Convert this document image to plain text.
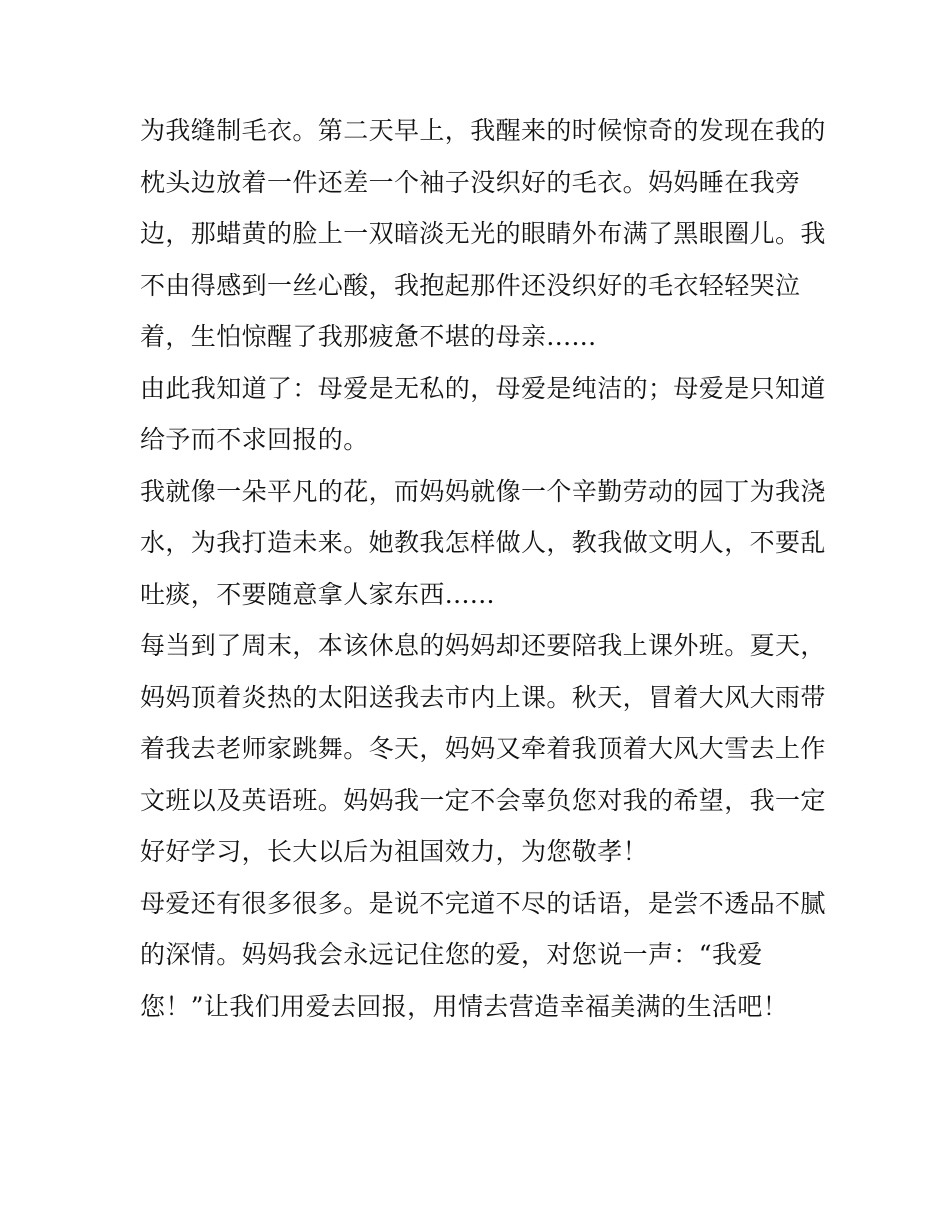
为我缝制毛衣。第二天早上，我醒来的时候惊奇的发现在我的
枕头边放着一件还差一个袖子没织好的毛衣。妈妈睡在我旁
边，那蜡黄的脸上一双暗淡无光的眼睛外布满了黑眼圈儿。我
不由得感到一丝心酸，我抱起那件还没织好的毛衣轻轻哭泣
着，生怕惊醒了我那疲惫不堪的母亲......
由此我知道了：母爱是无私的，母爱是纯洁的；母爱是只知道
给予而不求回报的。
我就像一朵平凡的花，而妈妈就像一个辛勤劳动的园丁为我浇
水，为我打造未来。她教我怎样做人，教我做文明人，不要乱
吐痰，不要随意拿人家东西......
每当到了周末，本该休息的妈妈却还要陪我上课外班。夏天，
妈妈顶着炎热的太阳送我去市内上课。秋天，冒着大风大雨带
着我去老师家跳舞。冬天，妈妈又牵着我顶着大风大雪去上作
文班以及英语班。妈妈我一定不会辜负您对我的希望，我一定
好好学习，长大以后为祖国效力，为您敬孝！
母爱还有很多很多。是说不完道不尽的话语，是尝不透品不腻
的深情。妈妈我会永远记住您的爱，对您说一声：“我爱
您！”让我们用爱去回报，用情去营造幸福美满的生活吧！
